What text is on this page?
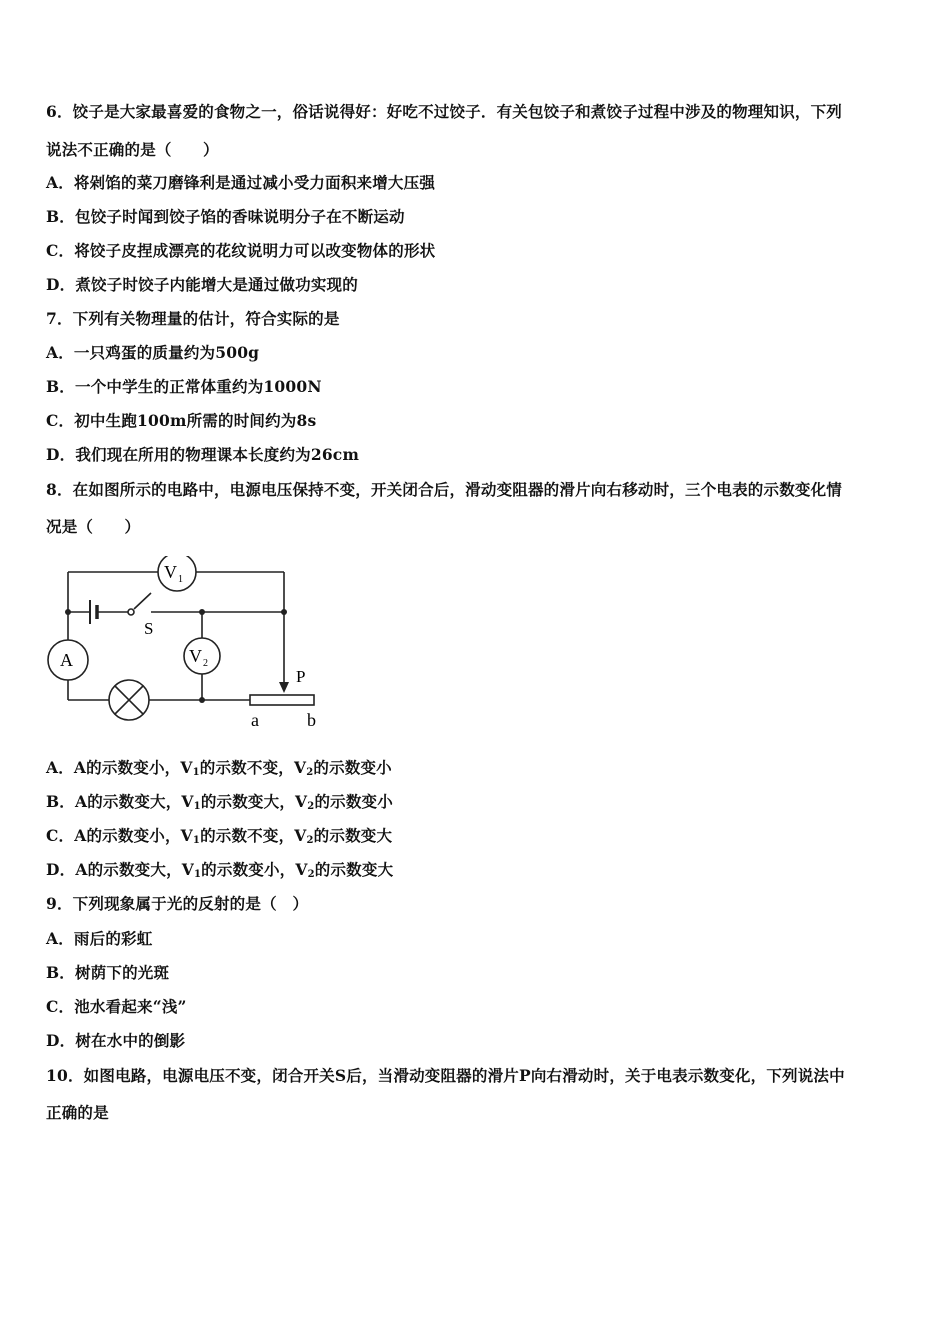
6．饺子是大家最喜爱的食物之一，俗话说得好：好吃不过饺子．有关包饺子和煮饺子过程中涉及的物理知识，下列
说法不正确的是（　　）
A．将剁馅的菜刀磨锋利是通过减小受力面积来增大压强
B．包饺子时闻到饺子馅的香味说明分子在不断运动
C．将饺子皮捏成漂亮的花纹说明力可以改变物体的形状
D．煮饺子时饺子内能增大是通过做功实现的
7．下列有关物理量的估计，符合实际的是
A．一只鸡蛋的质量约为500g
B．一个中学生的正常体重约为1000N
C．初中生跑100m所需的时间约为8s
D．我们现在所用的物理课本长度约为26cm
8．在如图所示的电路中，电源电压保持不变，开关闭合后，滑动变阻器的滑片向右移动时，三个电表的示数变化情
况是（　　）
V 1
V 2
A
S
P
a	b
A．A的示数变小，$V_1$的示数不变，$V_2$的示数变小
B．A的示数变大，$V_1$的示数变大，$V_2$的示数变小
C．A的示数变小，$V_1$的示数不变，$V_2$的示数变大
D．A的示数变大，$V_1$的示数变小，$V_2$的示数变大
9．下列现象属于光的反射的是（　）
A．雨后的彩虹
B．树荫下的光斑
C．池水看起来“浅”
D．树在水中的倒影
10．如图电路，电源电压不变，闭合开关S后，当滑动变阻器的滑片P向右滑动时，关于电表示数变化，下列说法中
正确的是
